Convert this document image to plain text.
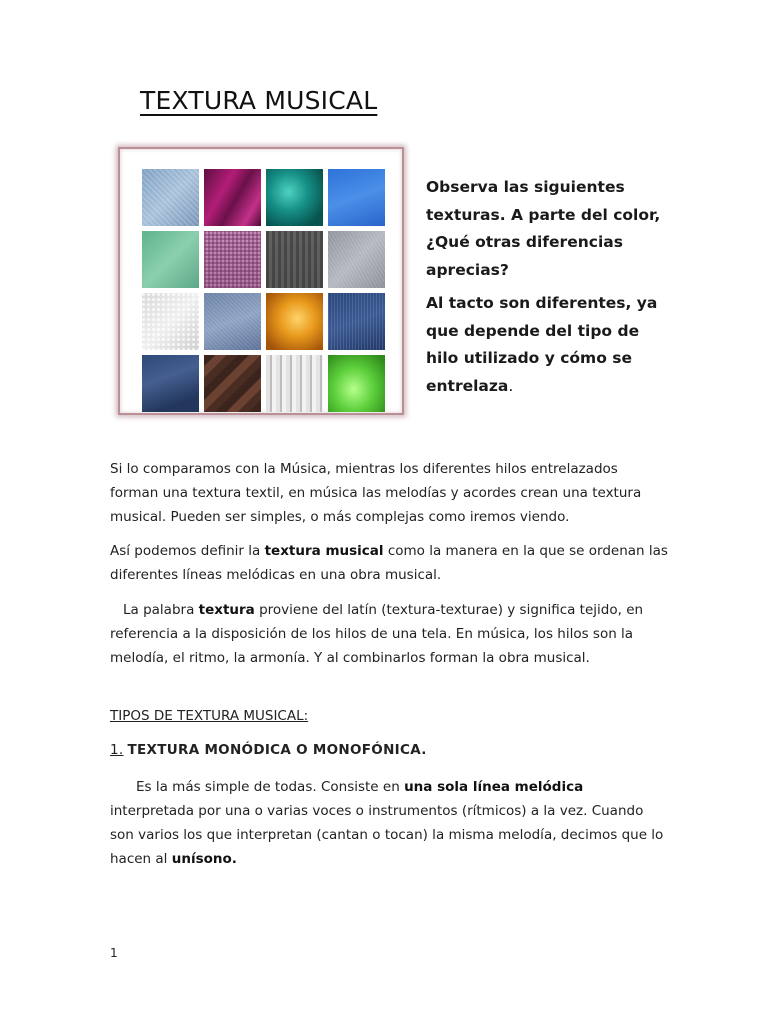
TEXTURA MUSICAL

Observa las siguientes texturas. A parte del color, ¿Qué otras diferencias aprecias?

Al tacto son diferentes, ya que depende del tipo de hilo utilizado y cómo se entrelaza.

Si lo comparamos con la Música, mientras los diferentes hilos entrelazados forman una textura textil, en música las melodías y acordes crean una textura musical. Pueden ser simples, o más complejas como iremos viendo.

Así podemos definir la textura musical como la manera en la que se ordenan las diferentes líneas melódicas en una obra musical.

La palabra textura proviene del latín (textura-texturae) y significa tejido, en referencia a la disposición de los hilos de una tela. En música, los hilos son la melodía, el ritmo, la armonía. Y al combinarlos forman la obra musical.

TIPOS DE TEXTURA MUSICAL:

1. TEXTURA MONÓDICA O MONOFÓNICA.

Es la más simple de todas. Consiste en una sola línea melódica interpretada por una o varias voces o instrumentos (rítmicos) a la vez. Cuando son varios los que interpretan (cantan o tocan) la misma melodía, decimos que lo hacen al unísono.

1
